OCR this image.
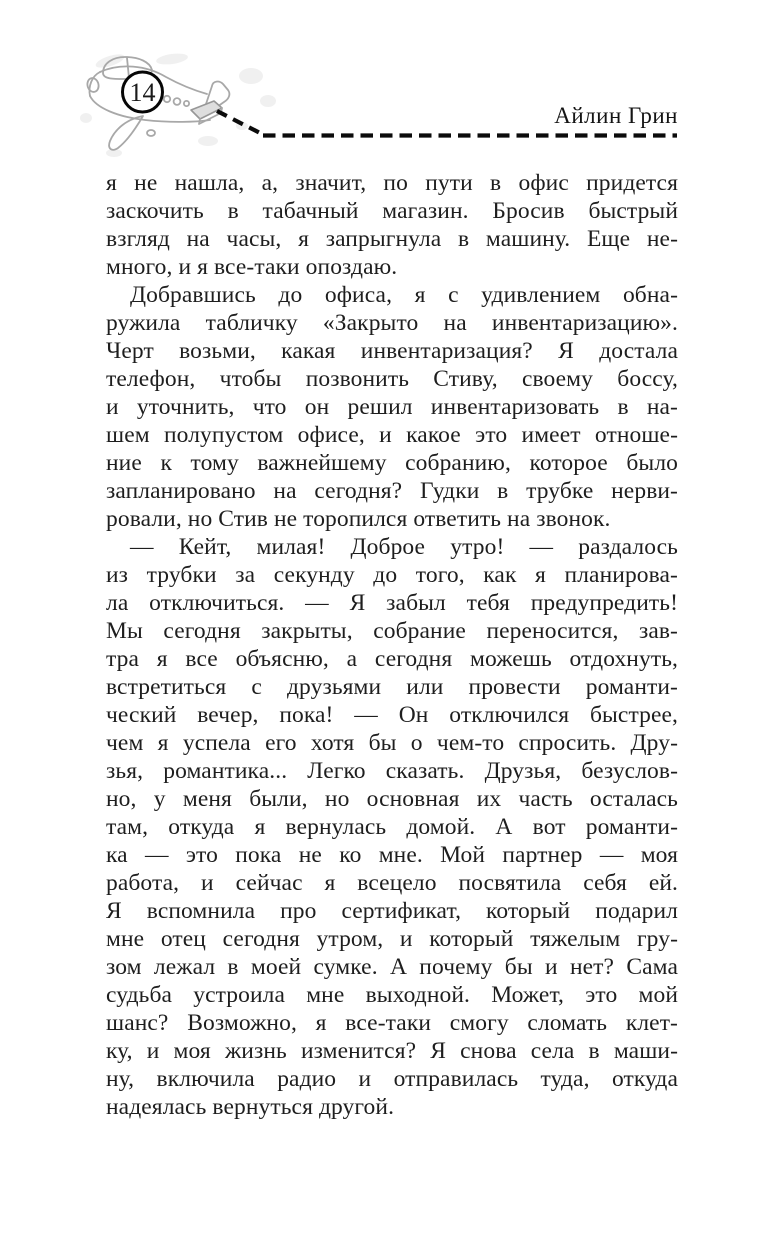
14
Айлин Грин
я не нашла, а, значит, по пути в офис придется
заскочить в табачный магазин. Бросив быстрый
взгляд на часы, я запрыгнула в машину. Еще не-
много, и я все-таки опоздаю.
Добравшись до офиса, я с удивлением обна-
ружила табличку «Закрыто на инвентаризацию».
Черт возьми, какая инвентаризация? Я достала
телефон, чтобы позвонить Стиву, своему боссу,
и уточнить, что он решил инвентаризовать в на-
шем полупустом офисе, и какое это имеет отноше-
ние к тому важнейшему собранию, которое было
запланировано на сегодня? Гудки в трубке нерви-
ровали, но Стив не торопился ответить на звонок.
— Кейт, милая! Доброе утро! — раздалось
из трубки за секунду до того, как я планирова-
ла отключиться. — Я забыл тебя предупредить!
Мы сегодня закрыты, собрание переносится, зав-
тра я все объясню, а сегодня можешь отдохнуть,
встретиться с друзьями или провести романти-
ческий вечер, пока! — Он отключился быстрее,
чем я успела его хотя бы о чем-то спросить. Дру-
зья, романтика... Легко сказать. Друзья, безуслов-
но, у меня были, но основная их часть осталась
там, откуда я вернулась домой. А вот романти-
ка — это пока не ко мне. Мой партнер — моя
работа, и сейчас я всецело посвятила себя ей.
Я вспомнила про сертификат, который подарил
мне отец сегодня утром, и который тяжелым гру-
зом лежал в моей сумке. А почему бы и нет? Сама
судьба устроила мне выходной. Может, это мой
шанс? Возможно, я все-таки смогу сломать клет-
ку, и моя жизнь изменится? Я снова села в маши-
ну, включила радио и отправилась туда, откуда
надеялась вернуться другой.
